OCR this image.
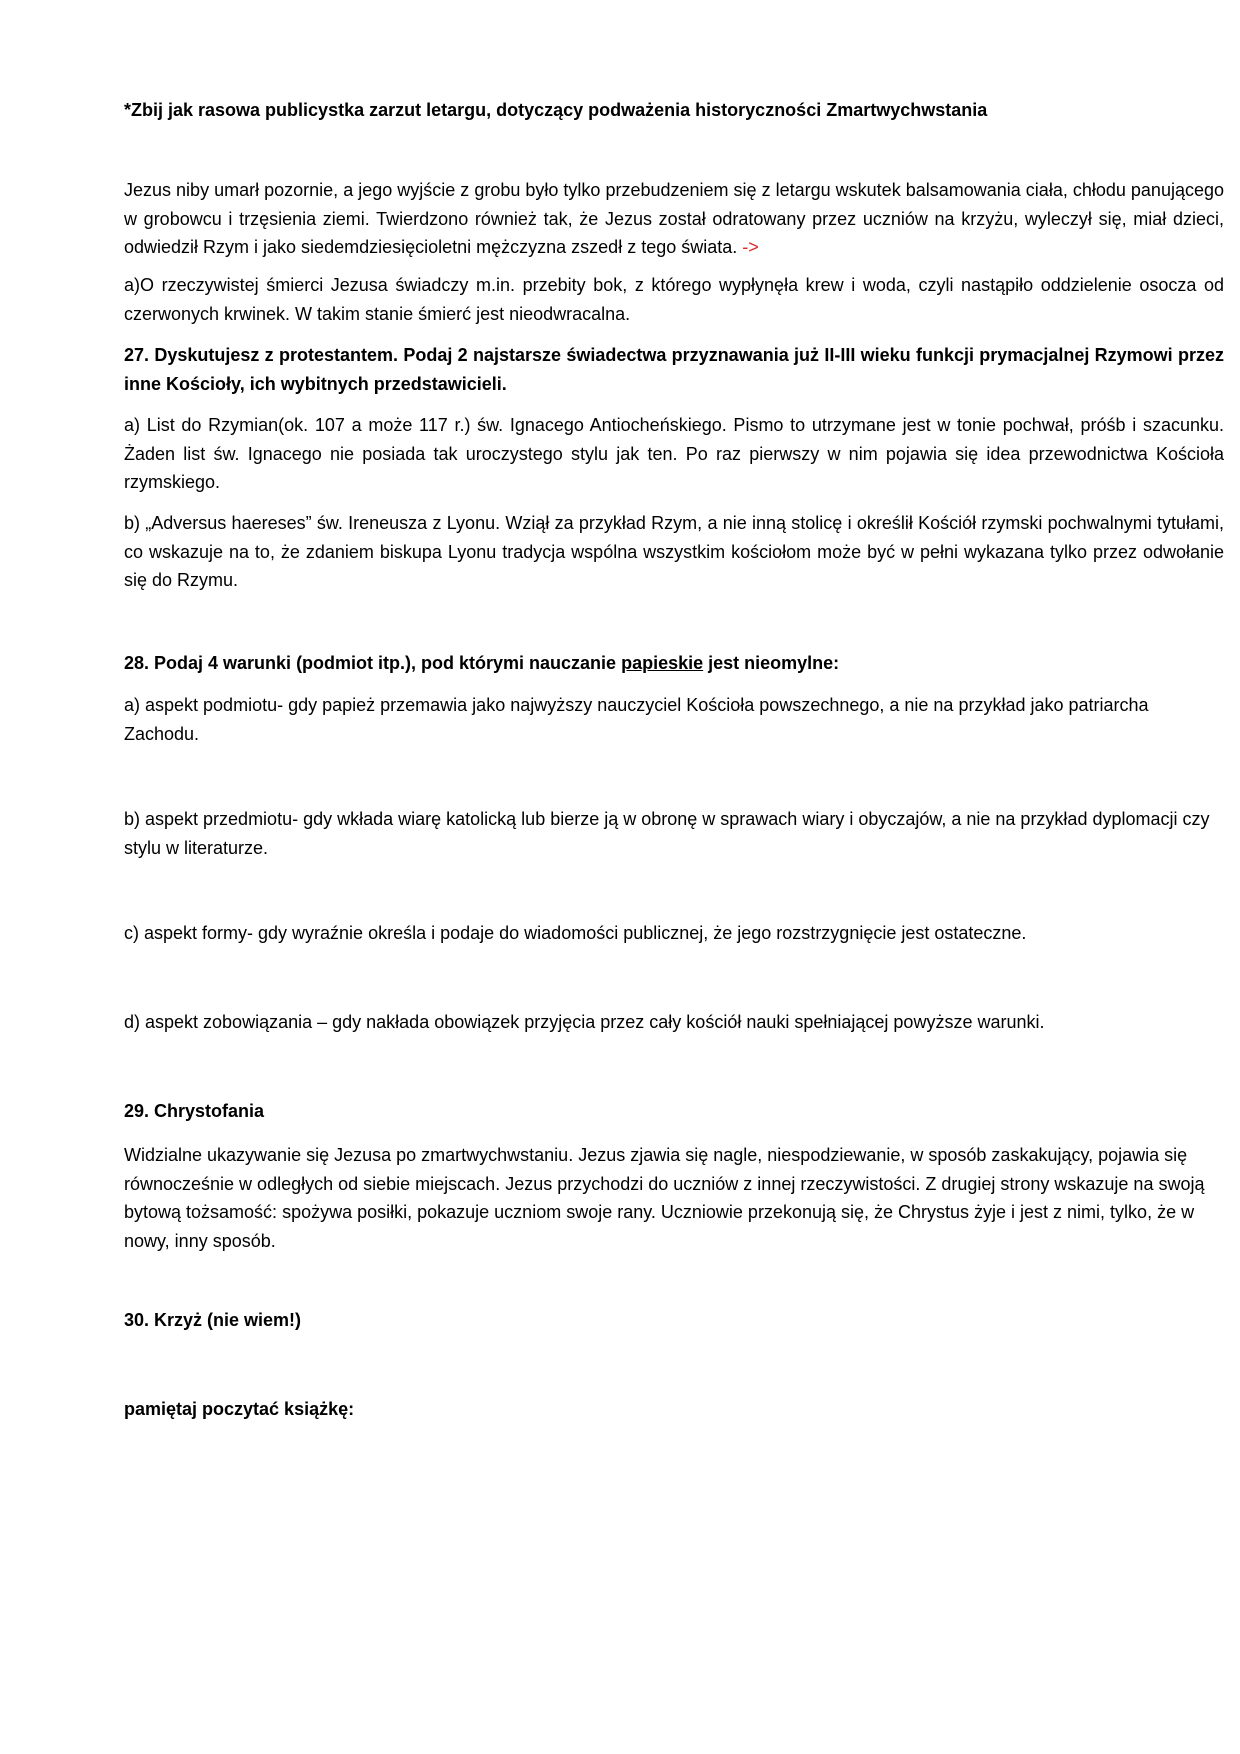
*Zbij jak rasowa publicystka zarzut letargu, dotyczący podważenia historyczności Zmartwychwstania

Jezus niby umarł pozornie, a jego wyjście z grobu było tylko przebudzeniem się z letargu wskutek balsamowania ciała, chłodu panującego w grobowcu i trzęsienia ziemi. Twierdzono również tak, że Jezus został odratowany przez uczniów na krzyżu, wyleczył się, miał dzieci, odwiedził Rzym i jako siedemdziesięcioletni mężczyzna zszedł z tego świata. ->

a)O rzeczywistej śmierci Jezusa świadczy m.in. przebity bok, z którego wypłynęła krew i woda, czyli nastąpiło oddzielenie osocza od czerwonych krwinek. W takim stanie śmierć jest nieodwracalna.

27. Dyskutujesz z protestantem. Podaj 2 najstarsze świadectwa przyznawania już II-III wieku funkcji prymacjalnej Rzymowi przez inne Kościoły, ich wybitnych przedstawicieli.

a) List do Rzymian(ok. 107 a może 117 r.) św. Ignacego Antiocheńskiego. Pismo to utrzymane jest w tonie pochwał, próśb i szacunku. Żaden list św. Ignacego nie posiada tak uroczystego stylu jak ten. Po raz pierwszy w nim pojawia się idea przewodnictwa Kościoła rzymskiego.

b) „Adversus haereses” św. Ireneusza z Lyonu. Wziął za przykład Rzym, a nie inną stolicę i określił Kościół rzymski pochwalnymi tytułami, co wskazuje na to, że zdaniem biskupa Lyonu tradycja wspólna wszystkim kościołom może być w pełni wykazana tylko przez odwołanie się do Rzymu.

28. Podaj 4 warunki (podmiot itp.), pod którymi nauczanie papieskie jest nieomylne:

a) aspekt podmiotu- gdy papież przemawia jako najwyższy nauczyciel Kościoła powszechnego, a nie na przykład jako patriarcha Zachodu.

b) aspekt przedmiotu- gdy wkłada wiarę katolicką lub bierze ją w obronę w sprawach wiary i obyczajów, a nie na przykład dyplomacji czy stylu w literaturze.

c) aspekt formy- gdy wyraźnie określa i podaje do wiadomości publicznej, że jego rozstrzygnięcie jest ostateczne.

d) aspekt zobowiązania – gdy nakłada obowiązek przyjęcia przez cały kościół nauki spełniającej powyższe warunki.

29. Chrystofania

Widzialne ukazywanie się Jezusa po zmartwychwstaniu. Jezus zjawia się nagle, niespodziewanie, w sposób zaskakujący, pojawia się równocześnie w odległych od siebie miejscach. Jezus przychodzi do uczniów z innej rzeczywistości. Z drugiej strony wskazuje na swoją bytową tożsamość: spożywa posiłki, pokazuje uczniom swoje rany. Uczniowie przekonują się, że Chrystus żyje i jest z nimi, tylko, że w nowy, inny sposób.

30. Krzyż (nie wiem!)

pamiętaj poczytać książkę:
